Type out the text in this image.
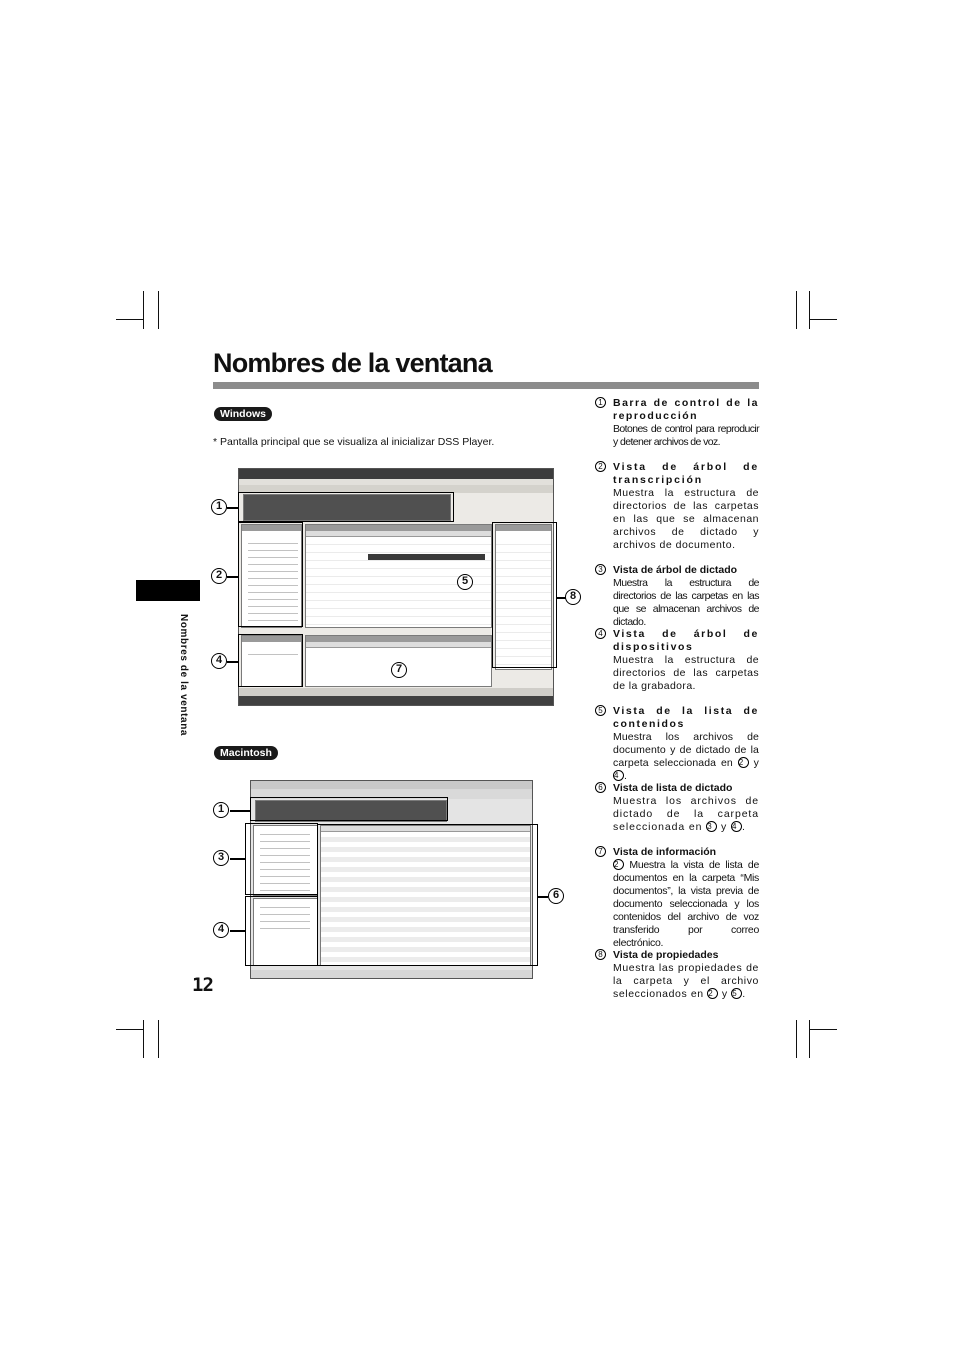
Nombres de la ventana
Nombres de la ventana
12
Windows
* Pantalla principal que se visualiza al inicializar DSS Player.
1
2
4
8
5
7
Macintosh
1
3
4
6
1 Barra de control de la reproducción
Botones de control para reproducir y detener archivos de voz.
2 Vista de árbol de transcripción
Muestra la estructura de directorios de las carpetas en las que se almacenan archivos de dictado y archivos de documento.
3 Vista de árbol de dictado
Muestra la estructura de directorios de las carpetas en las que se almacenan archivos de dictado.
4 Vista de árbol de dispositivos
Muestra la estructura de directorios de las carpetas de la grabadora.
5 Vista de la lista de contenidos
Muestra los archivos de documento y de dictado de la carpeta seleccionada en 2 y4 .
6 Vista de lista de dictado
Muestra los archivos de dictado de la carpeta seleccionada en 3 y 4 .
7 Vista de información
2 Muestra la vista de lista de documentos en la carpeta “Mis documentos”, la vista previa de documento seleccionada y los contenidos del archivo de voz transferido por correo electrónico.
8 Vista de propiedades
Muestra las propiedades de la carpeta y el archivo seleccionados en 2 y 5 .
